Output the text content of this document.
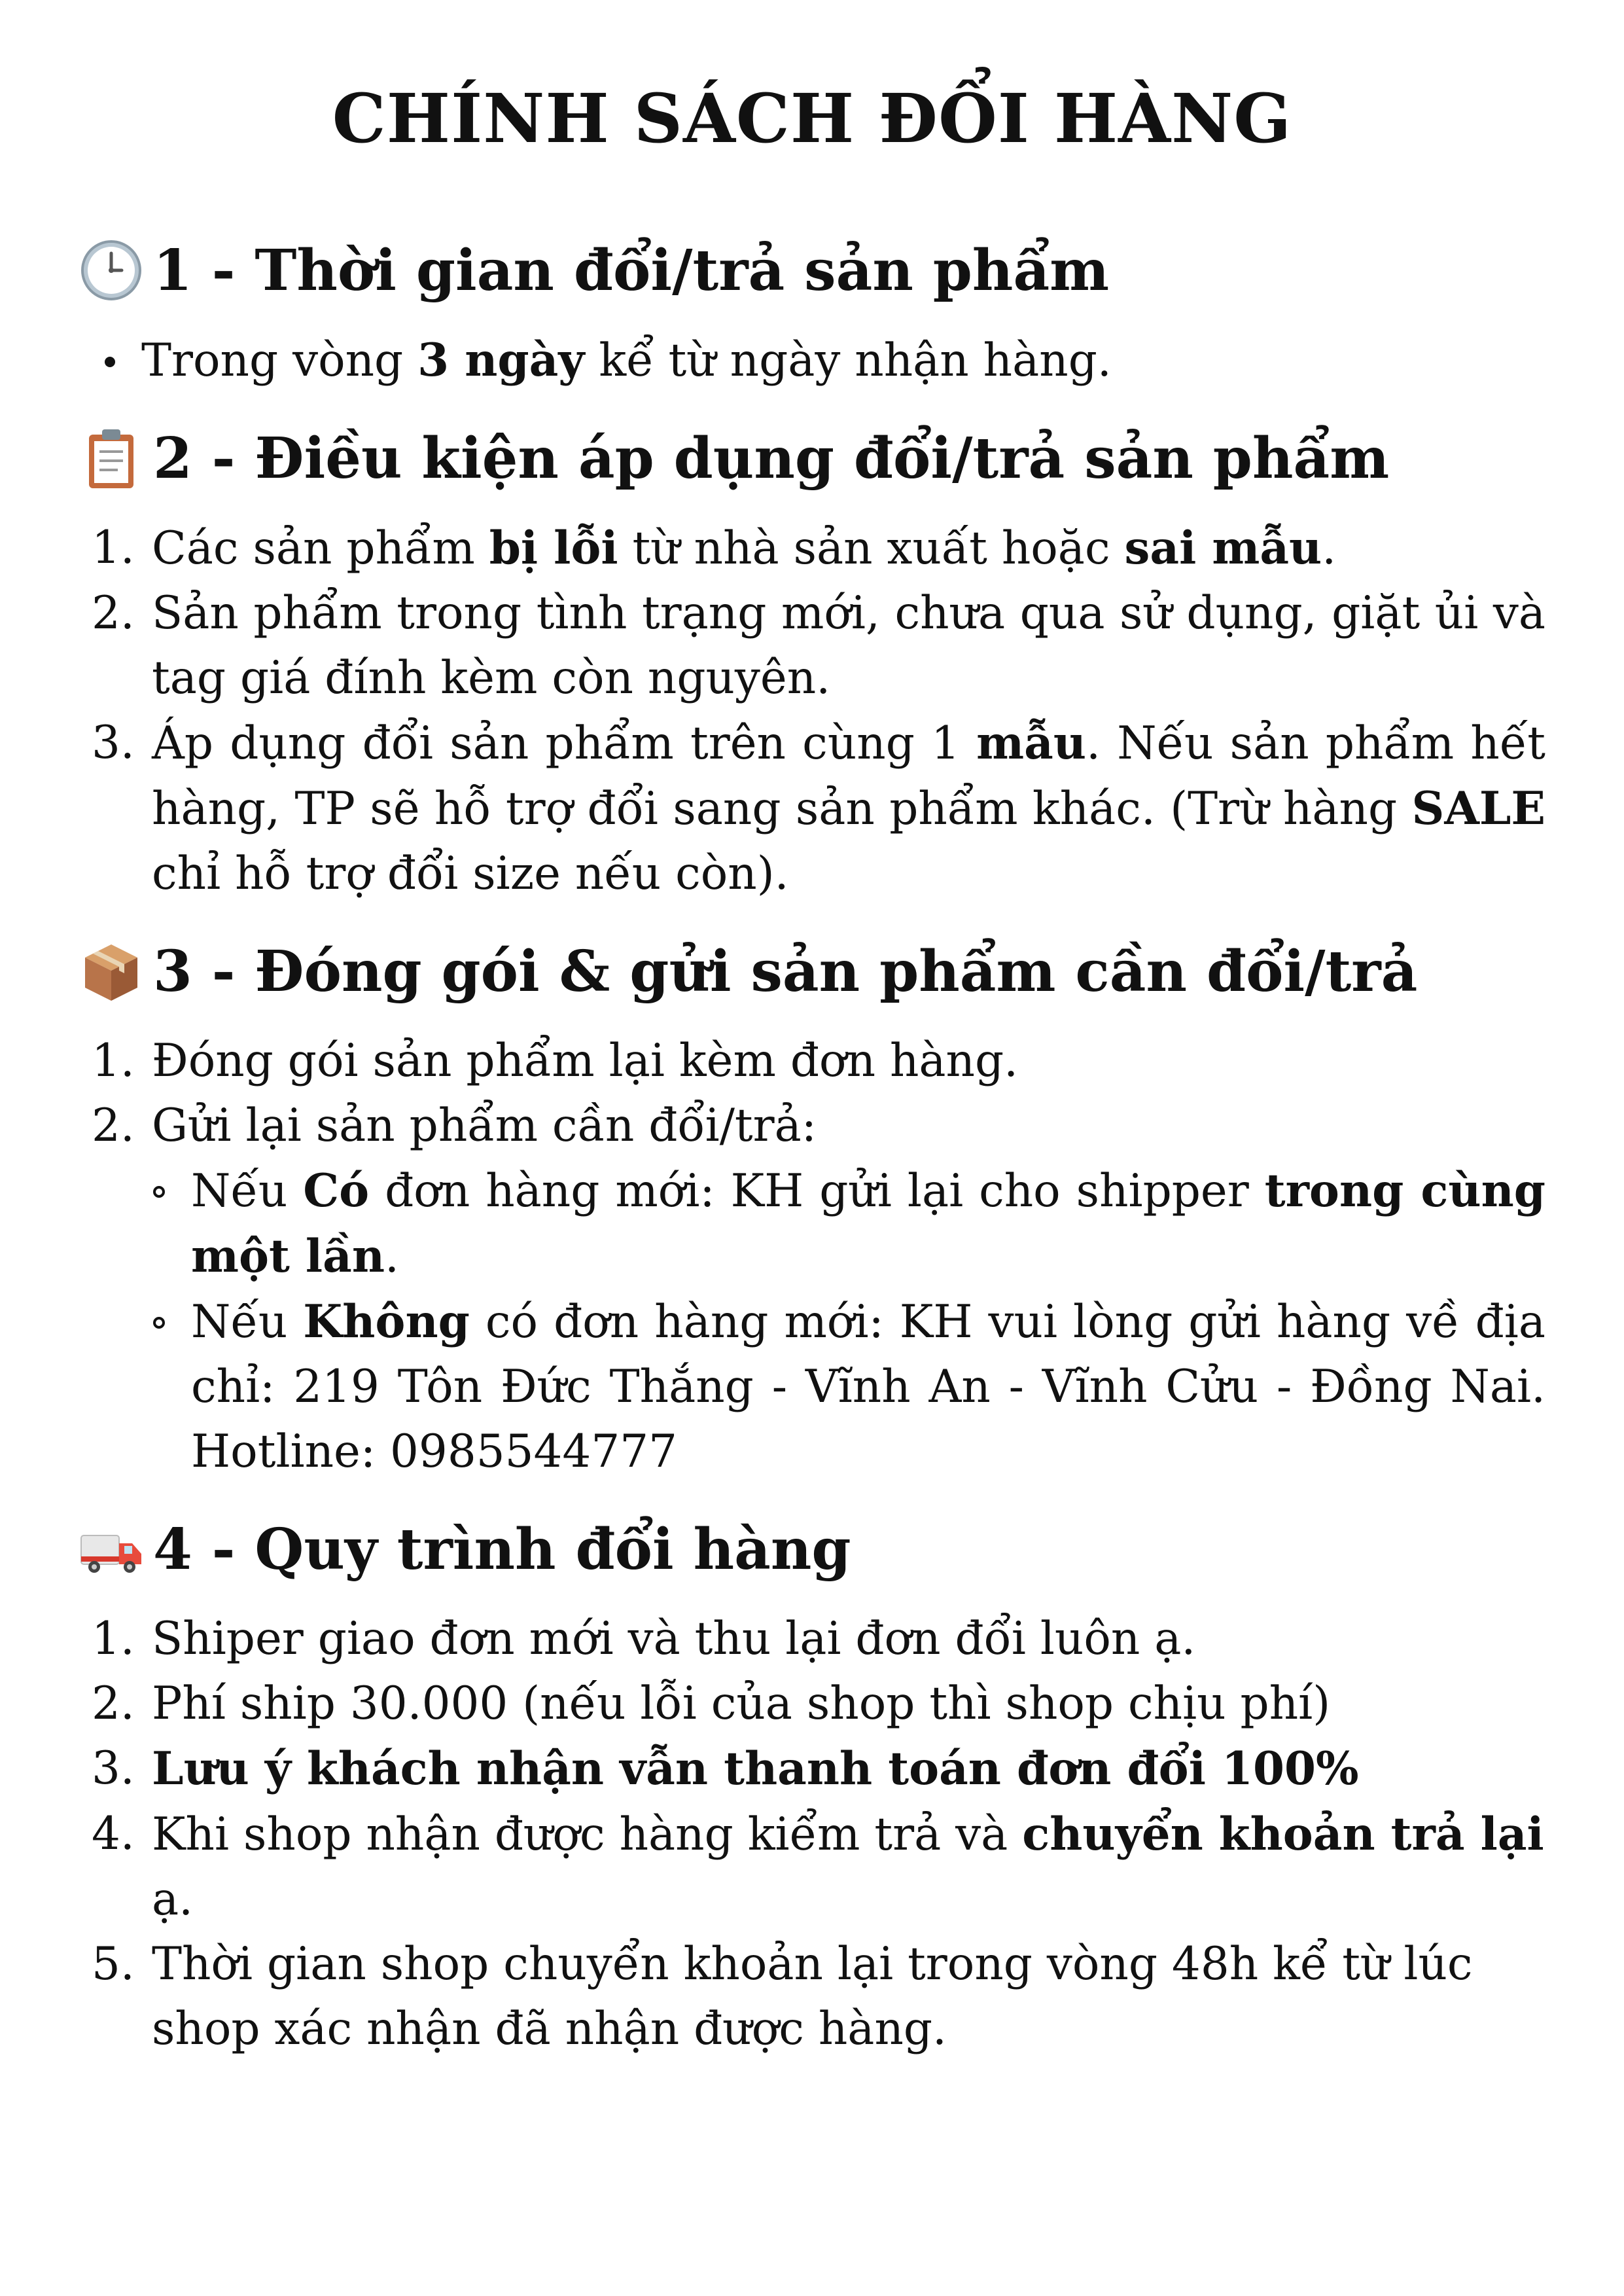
CHÍNH SÁCH ĐỔI HÀNG
1 - Thời gian đổi/trả sản phẩm
Trong vòng 3 ngày kể từ ngày nhận hàng.
2 - Điều kiện áp dụng đổi/trả sản phẩm
1. Các sản phẩm bị lỗi từ nhà sản xuất hoặc sai mẫu.
2. Sản phẩm trong tình trạng mới, chưa qua sử dụng, giặt ủi và tag giá đính kèm còn nguyên.
3. Áp dụng đổi sản phẩm trên cùng 1 mẫu. Nếu sản phẩm hết hàng, TP sẽ hỗ trợ đổi sang sản phẩm khác. (Trừ hàng SALE chỉ hỗ trợ đổi size nếu còn).
3 - Đóng gói & gửi sản phẩm cần đổi/trả
1. Đóng gói sản phẩm lại kèm đơn hàng.
2. Gửi lại sản phẩm cần đổi/trả:
Nếu Có đơn hàng mới: KH gửi lại cho shipper trong cùng một lần.
Nếu Không có đơn hàng mới: KH vui lòng gửi hàng về địa chỉ: 219 Tôn Đức Thắng - Vĩnh An - Vĩnh Cửu - Đồng Nai. Hotline: 0985544777
4 - Quy trình đổi hàng
1. Shiper giao đơn mới và thu lại đơn đổi luôn ạ.
2. Phí ship 30.000 (nếu lỗi của shop thì shop chịu phí)
3. Lưu ý khách nhận vẫn thanh toán đơn đổi 100%
4. Khi shop nhận được hàng kiểm trả và chuyển khoản trả lại ạ.
5. Thời gian shop chuyển khoản lại trong vòng 48h kể từ lúc shop xác nhận đã nhận được hàng.
